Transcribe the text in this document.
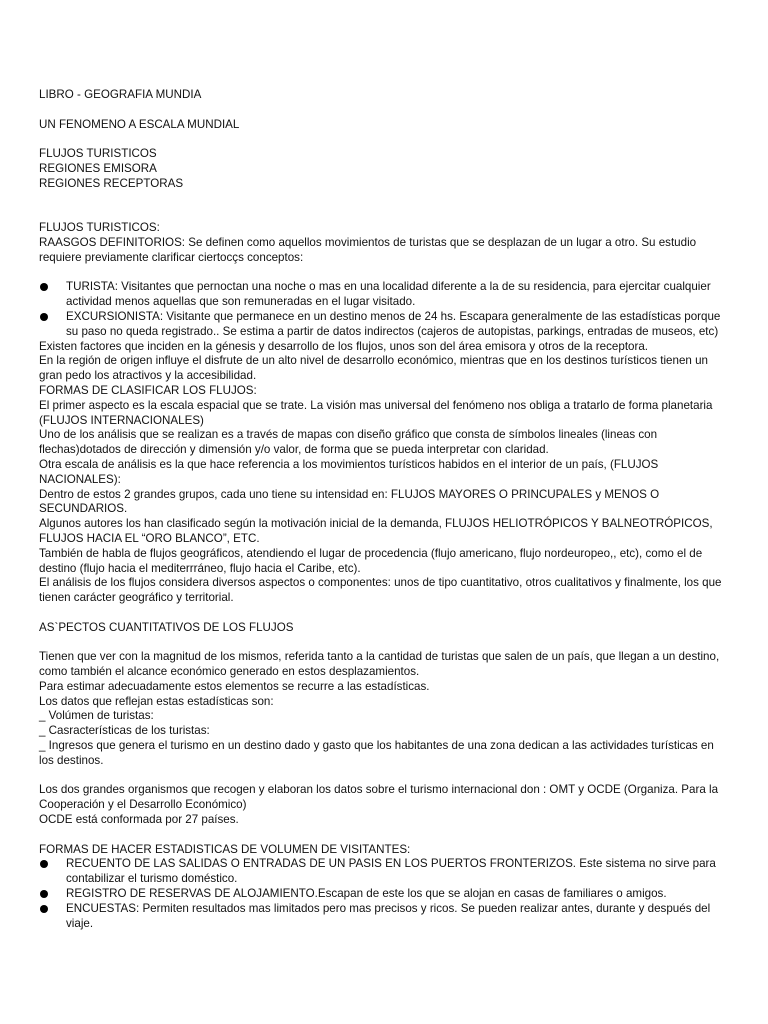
LIBRO - GEOGRAFIA MUNDIA

UN FENOMENO A ESCALA MUNDIAL

FLUJOS TURISTICOS

REGIONES EMISORA

REGIONES RECEPTORAS

FLUJOS TURISTICOS:

RAASGOS DEFINITORIOS: Se definen como aquellos movimientos de turistas que se desplazan de un lugar a otro. Su estudio requiere previamente clarificar ciertocçs conceptos:

TURISTA: Visitantes que pernoctan una noche o mas en una localidad diferente a la de su residencia, para ejercitar cualquier actividad menos aquellas que son remuneradas en el lugar visitado.
EXCURSIONISTA: Visitante que permanece en un destino menos de 24 hs. Escapara generalmente de las estadísticas porque su paso no queda registrado.. Se estima a partir de datos indirectos (cajeros de autopistas, parkings, entradas de museos, etc)

Existen factores que inciden en la génesis y desarrollo de los flujos, unos son del área emisora y otros de la receptora.

En la región de origen influye el disfrute de un alto nivel de desarrollo económico, mientras que en los destinos turísticos tienen un gran pedo los atractivos y la accesibilidad.

FORMAS DE CLASIFICAR LOS FLUJOS:

El primer aspecto es la escala espacial que se trate. La visión mas universal del fenómeno nos obliga a tratarlo de forma planetaria (FLUJOS INTERNACIONALES)

Uno de los análisis que se realizan es a través de mapas con diseño gráfico que consta de símbolos lineales (lineas con flechas)dotados de dirección y dimensión y/o valor, de forma que se pueda interpretar con claridad.

Otra escala de análisis es la que hace referencia a los movimientos turísticos habidos en el interior de un país, (FLUJOS NACIONALES):

Dentro de estos 2 grandes grupos, cada uno tiene su intensidad en: FLUJOS MAYORES O PRINCUPALES y MENOS O SECUNDARIOS.

Algunos autores los han clasificado según la motivación inicial de la demanda, FLUJOS HELIOTRÓPICOS Y BALNEOTRÓPICOS, FLUJOS HACIA EL “ORO BLANCO”, ETC.

También de habla de flujos geográficos, atendiendo el lugar de procedencia (flujo americano, flujo nordeuropeo,, etc), como el de destino (flujo hacia el mediterrráneo, flujo hacia el Caribe, etc).

El análisis de los flujos considera diversos aspectos o componentes: unos de tipo cuantitativo, otros cualitativos y finalmente, los que tienen carácter geográfico y territorial.

AS`PECTOS CUANTITATIVOS DE LOS FLUJOS

Tienen que ver con la magnitud de los mismos, referida tanto a la cantidad de turistas que salen de un país, que llegan a un destino, como también el alcance económico generado en estos desplazamientos.

Para estimar adecuadamente estos elementos se recurre a las estadísticas.

Los datos que reflejan estas estadísticas son:

_ Volúmen de turistas:

_ Casracterísticas de los turistas:

_ Ingresos que genera el turismo en un destino dado y gasto que los habitantes de una zona dedican a las actividades turísticas en los destinos.

Los dos grandes organismos que recogen y elaboran los datos sobre el turismo internacional don : OMT y OCDE (Organiza. Para la Cooperación y el Desarrollo Económico)

OCDE está conformada por 27 países.

FORMAS DE HACER ESTADISTICAS DE VOLUMEN DE VISITANTES:

RECUENTO DE LAS SALIDAS O ENTRADAS DE UN PASIS EN LOS PUERTOS FRONTERIZOS. Este sistema no sirve para contabilizar el turismo doméstico.
REGISTRO DE RESERVAS DE ALOJAMIENTO.Escapan de este los que se alojan en casas de familiares o amigos.
ENCUESTAS: Permiten resultados mas limitados pero mas precisos y ricos. Se pueden realizar antes, durante y después del viaje.
